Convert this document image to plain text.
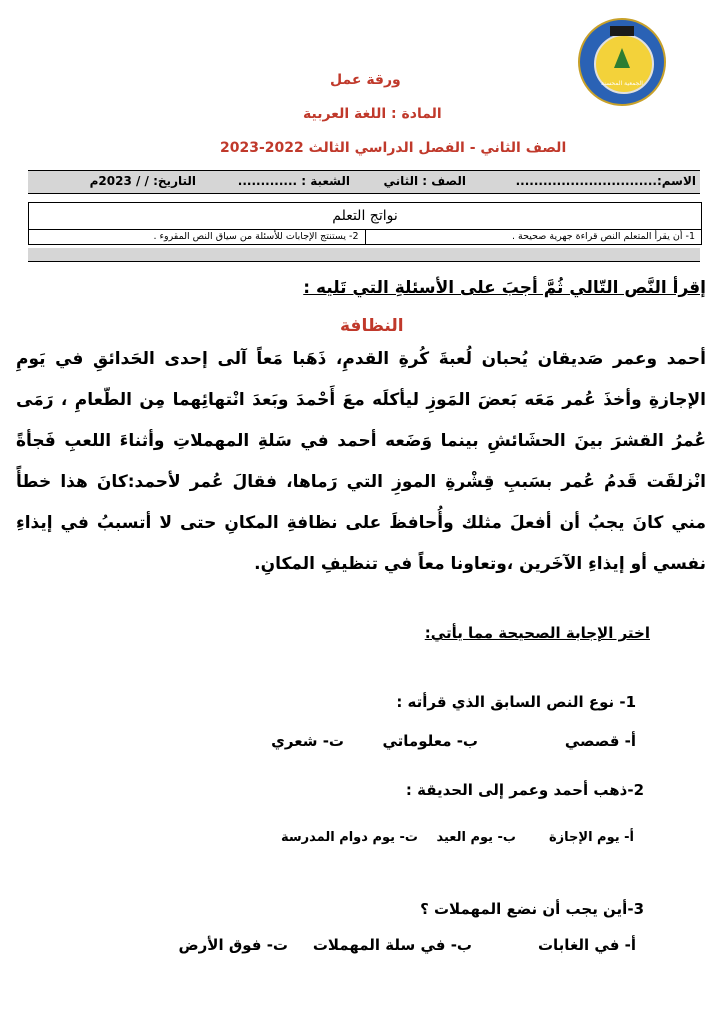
الجمعية المحسنة
ورقة عمل
المادة : اللغة العربية
الصف الثاني - الفصل الدراسي الثالث 2022-2023
الاسم:...............................
الصف : الثاني
الشعبة : .............
التاريخ: / / 2023م
نواتج التعلم
1- أن يقرأ المتعلم النص قراءة جهرية صحيحة .
2- يستنتج الإجابات للأسئلة من سياق النص المقروء .
إقرأ النَّص التّالي ثُمَّ أجبَ على الأسئلةِ التي تَليه :
النظافة
أحمد وعمر صَديقان يُحبان لُعبةَ كُرةِ القدمِ، ذَهَبا مَعاً آلى إحدى الحَدائقِ في يَومِ الإجازةِ وأخذَ عُمر مَعَه بَعضَ المَوزِ ليأكلَه معَ أَحْمدَ وبَعدَ انْتهائِهما مِن الطّعامِ ، رَمَى عُمرُ القشرَ بينَ الحشَائشِ بينما وَضَعه أحمد في سَلةِ المهملاتِ وأثناءَ اللعبِ فَجأةً انْزلقَت قَدمُ عُمر بسَببِ قِشْرةِ الموزِ التي رَماها، فقالَ عُمر لأحمد:كانَ هذا خطأً مني كانَ يجبُ أن أفعلَ مثلك وأُحافظَ على نظافةِ المكانِ حتى لا أتسببُ في إيذاءِ نفسي أو إيذاءِ الآخَرين ،وتعاونا معاً في تنظيفِ المكانِ.
اختر الإجابة الصحيحة مما يأتي:
1- نوع النص السابق الذي قرأته :
أ- قصصي
ب- معلوماتي
ت- شعري
2-ذهب أحمد وعمر إلى الحديقة :
أ- يوم الإجازة
ب- يوم العيد
ت- يوم دوام المدرسة
3-أين يجب أن نضع المهملات ؟
أ- في الغابات
ب- في سلة المهملات
ت- فوق الأرض
